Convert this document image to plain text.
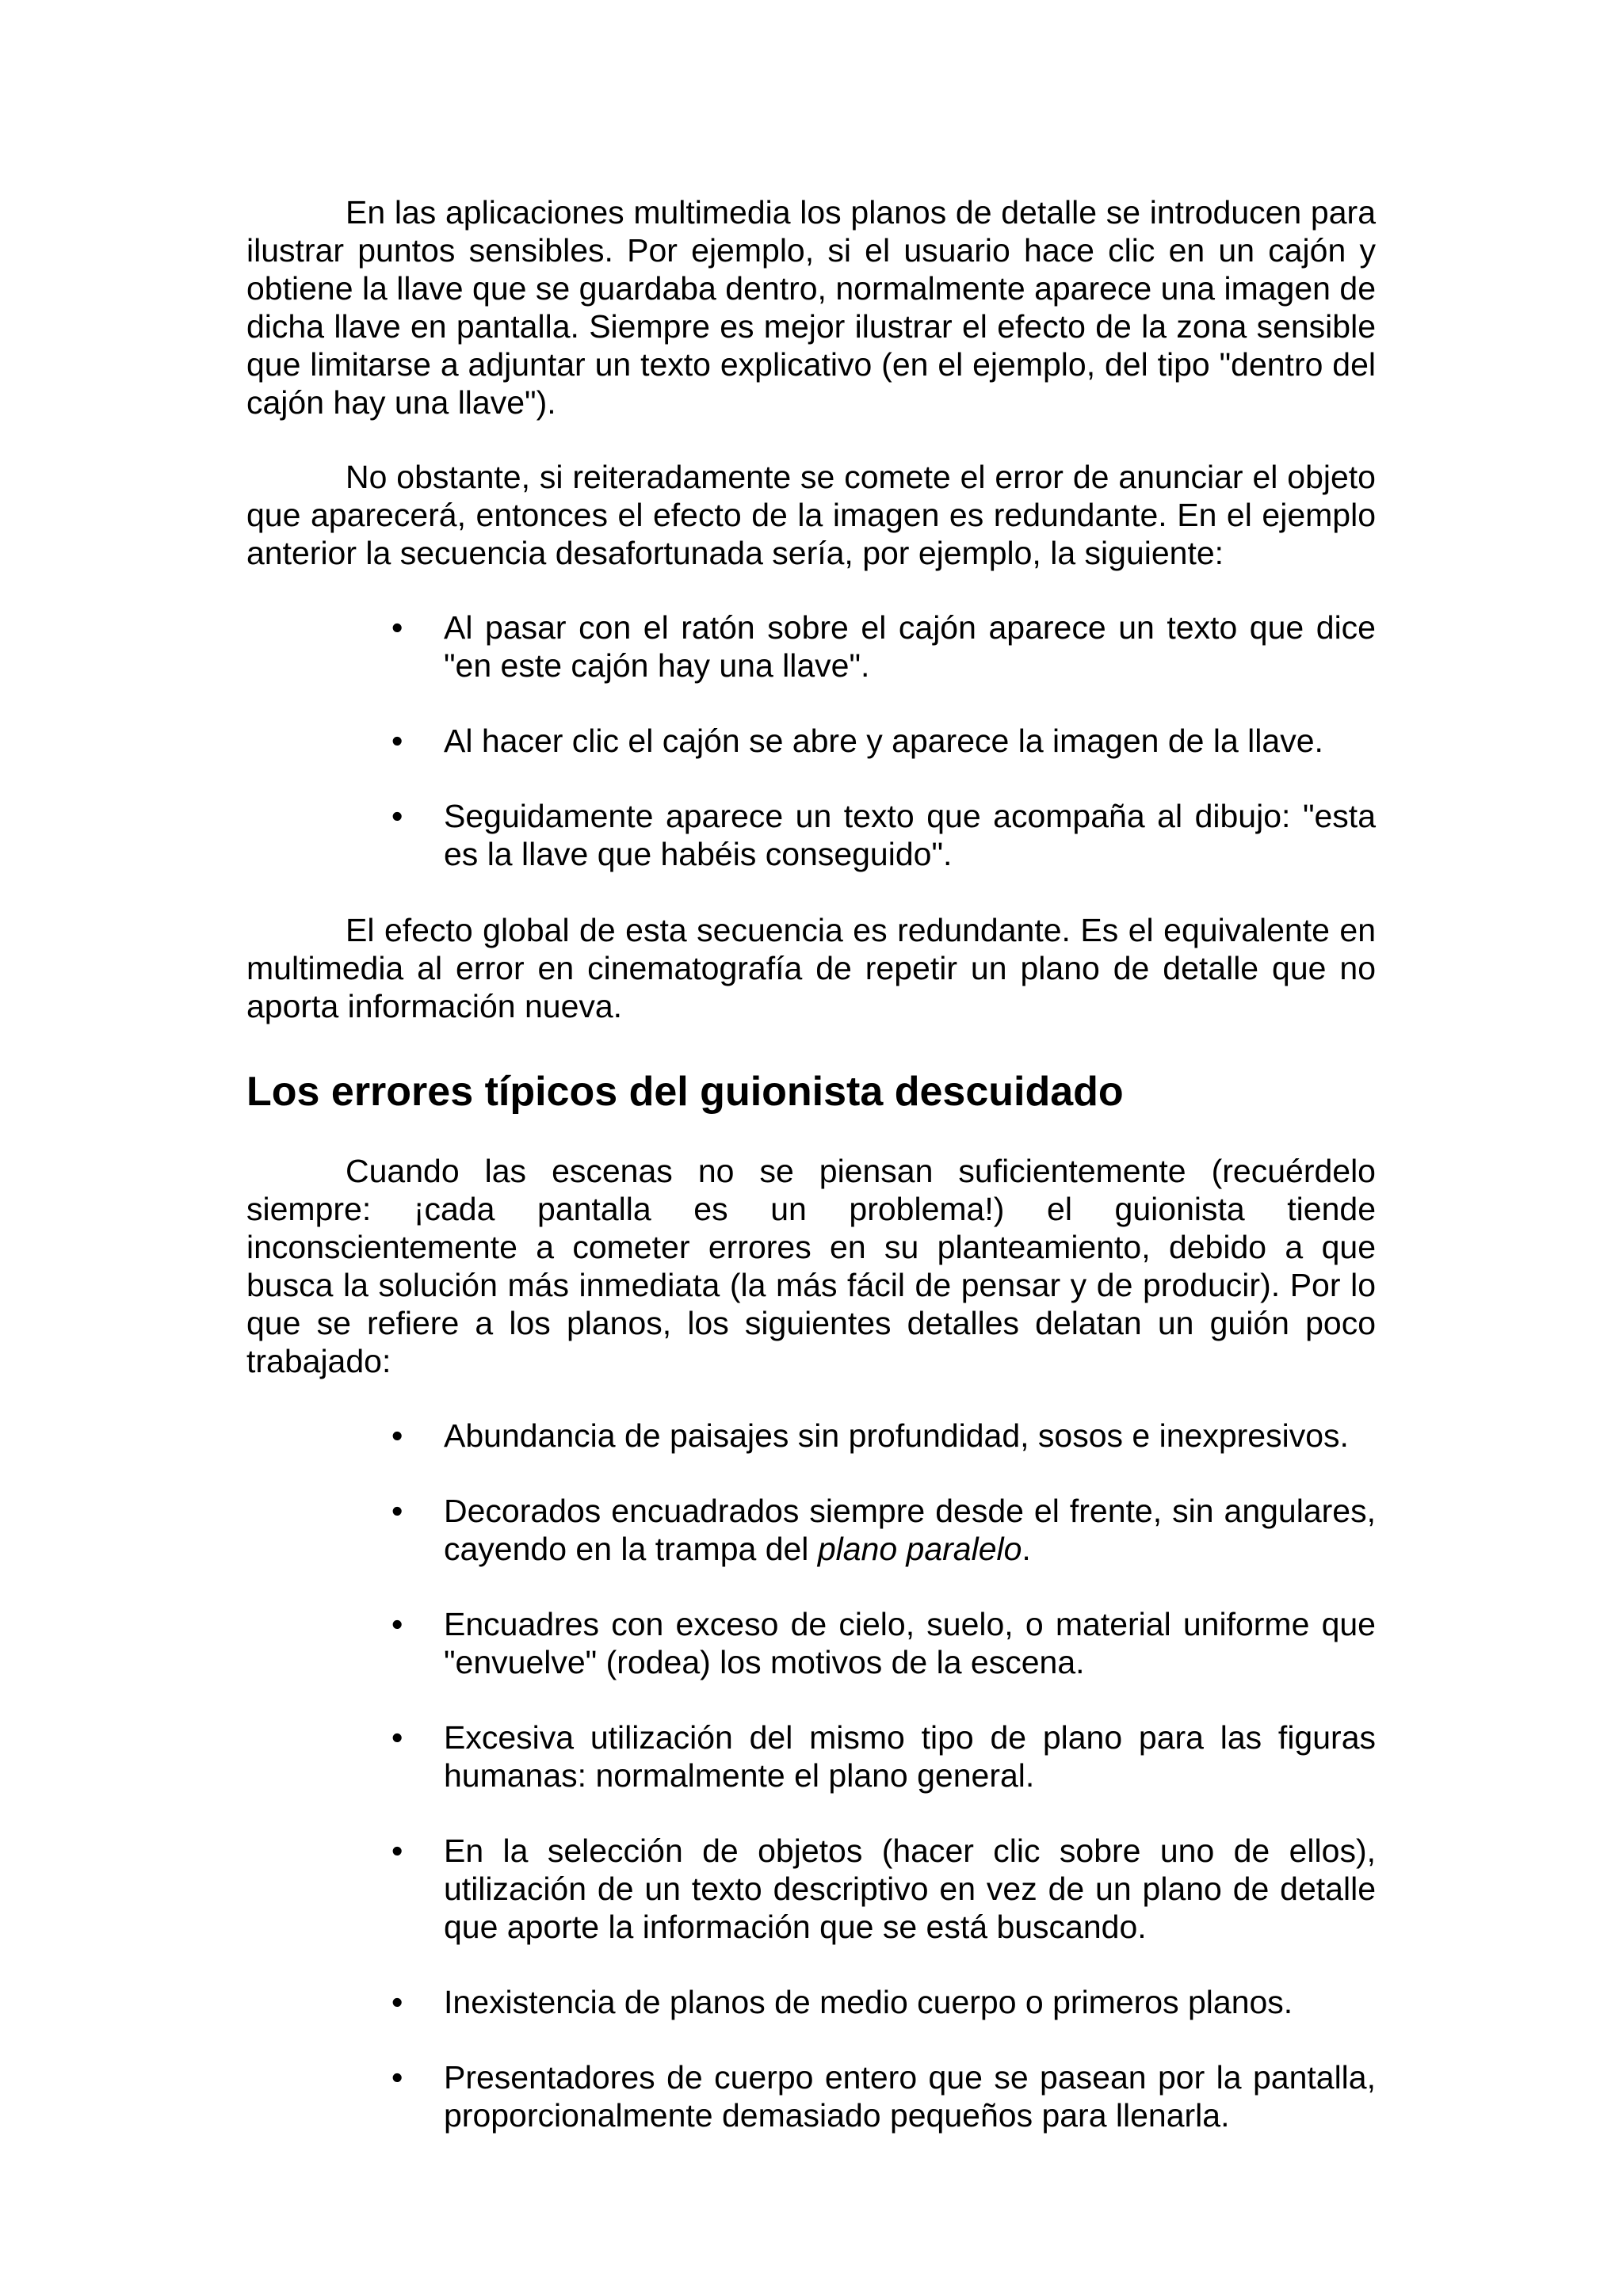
En las aplicaciones multimedia los planos de detalle se introducen para ilustrar puntos sensibles. Por ejemplo, si el usuario hace clic en un cajón y obtiene la llave que se guardaba dentro, normalmente aparece una imagen de dicha llave en pantalla. Siempre es mejor ilustrar el efecto de la zona sensible que limitarse a adjuntar un texto explicativo (en el ejemplo, del tipo "dentro del cajón hay una llave").

No obstante, si reiteradamente se comete el error de anunciar el objeto que aparecerá, entonces el efecto de la imagen es redundante. En el ejemplo anterior la secuencia desafortunada sería, por ejemplo, la siguiente:

• Al pasar con el ratón sobre el cajón aparece un texto que dice "en este cajón hay una llave".
• Al hacer clic el cajón se abre y aparece la imagen de la llave.
• Seguidamente aparece un texto que acompaña al dibujo: "esta es la llave que habéis conseguido".

El efecto global de esta secuencia es redundante. Es el equivalente en multimedia al error en cinematografía de repetir un plano de detalle que no aporta información nueva.

Los errores típicos del guionista descuidado

Cuando las escenas no se piensan suficientemente (recuérdelo siempre: ¡cada pantalla es un problema!) el guionista tiende inconscientemente a cometer errores en su planteamiento, debido a que busca la solución más inmediata (la más fácil de pensar y de producir). Por lo que se refiere a los planos, los siguientes detalles delatan un guión poco trabajado:

• Abundancia de paisajes sin profundidad, sosos e inexpresivos.
• Decorados encuadrados siempre desde el frente, sin angulares, cayendo en la trampa del plano paralelo.
• Encuadres con exceso de cielo, suelo, o material uniforme que "envuelve" (rodea) los motivos de la escena.
• Excesiva utilización del mismo tipo de plano para las figuras humanas: normalmente el plano general.
• En la selección de objetos (hacer clic sobre uno de ellos), utilización de un texto descriptivo en vez de un plano de detalle que aporte la información que se está buscando.
• Inexistencia de planos de medio cuerpo o primeros planos.
• Presentadores de cuerpo entero que se pasean por la pantalla, proporcionalmente demasiado pequeños para llenarla.
